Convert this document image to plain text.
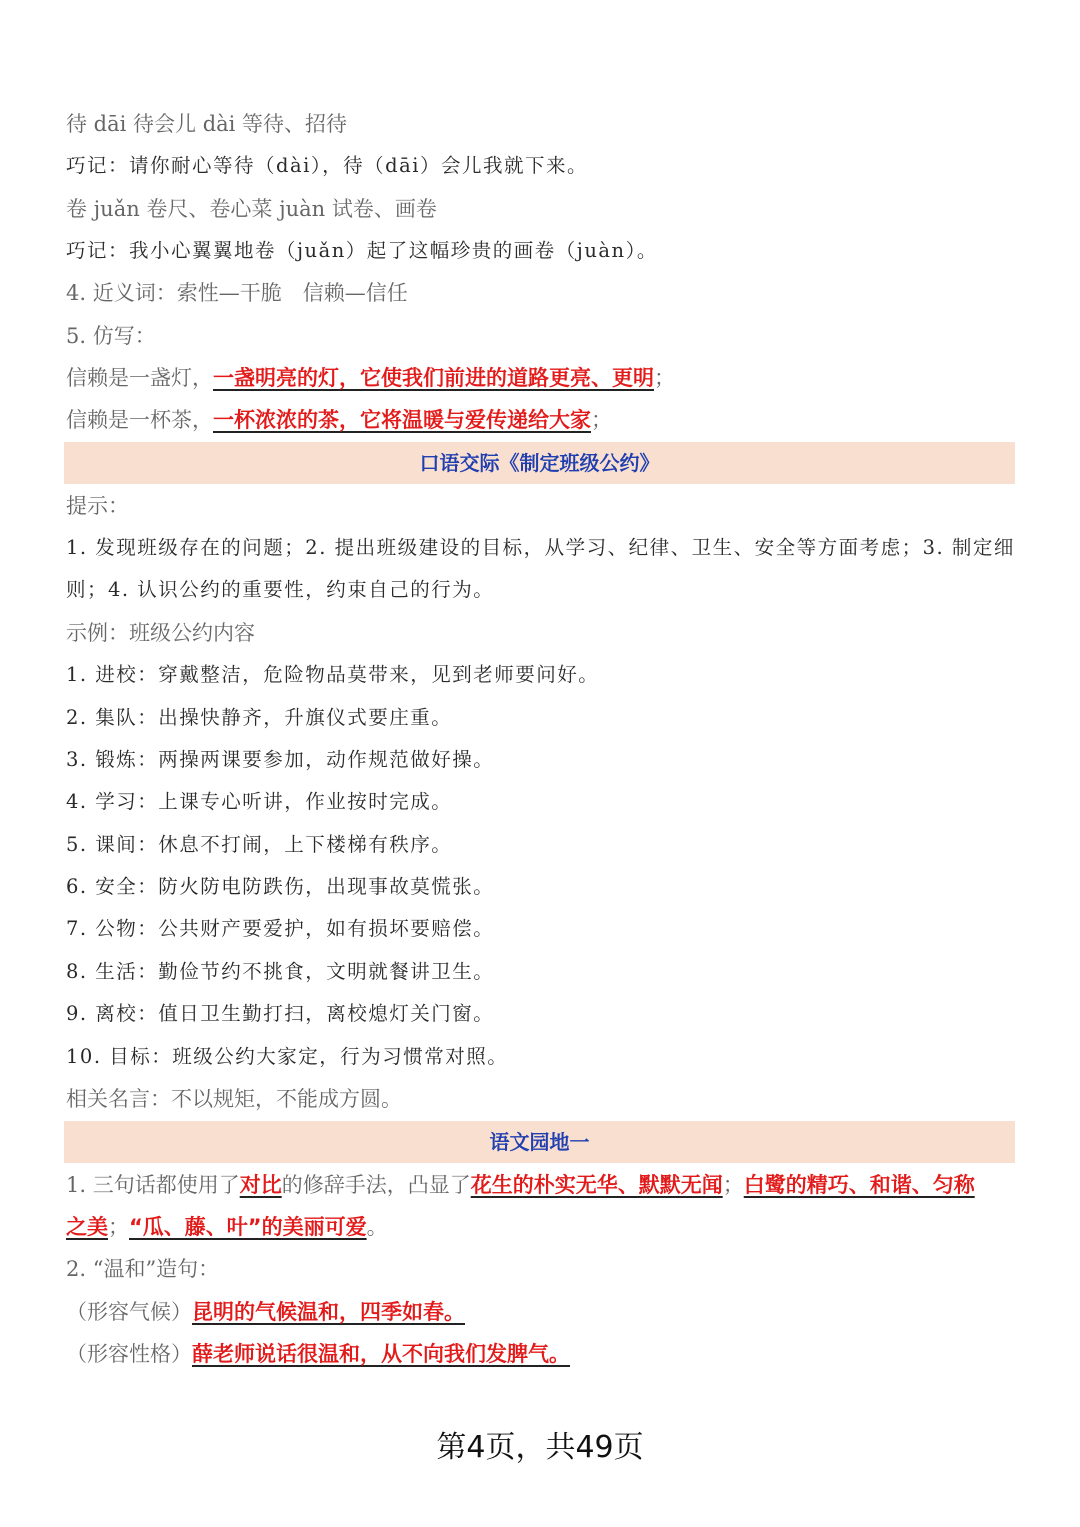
待 dāi 待会儿 dài 等待、招待
巧记：请你耐心等待（dài），待（dāi）会儿我就下来。
卷 juǎn 卷尺、卷心菜 juàn 试卷、画卷
巧记：我小心翼翼地卷（juǎn）起了这幅珍贵的画卷（juàn）。
4. 近义词：索性—干脆　信赖—信任
5. 仿写：
信赖是一盏灯，一盏明亮的灯，它使我们前进的道路更亮、更明；
信赖是一杯茶，一杯浓浓的茶，它将温暖与爱传递给大家；
口语交际《制定班级公约》
提示：
1. 发现班级存在的问题；2. 提出班级建设的目标，从学习、纪律、卫生、安全等方面考虑；3. 制定细
则；4. 认识公约的重要性，约束自己的行为。
示例：班级公约内容
1. 进校：穿戴整洁，危险物品莫带来，见到老师要问好。
2. 集队：出操快静齐，升旗仪式要庄重。
3. 锻炼：两操两课要参加，动作规范做好操。
4. 学习：上课专心听讲，作业按时完成。
5. 课间：休息不打闹，上下楼梯有秩序。
6. 安全：防火防电防跌伤，出现事故莫慌张。
7. 公物：公共财产要爱护，如有损坏要赔偿。
8. 生活：勤俭节约不挑食，文明就餐讲卫生。
9. 离校：值日卫生勤打扫，离校熄灯关门窗。
10. 目标：班级公约大家定，行为习惯常对照。
相关名言：不以规矩，不能成方圆。
语文园地一
1. 三句话都使用了对比的修辞手法，凸显了花生的朴实无华、默默无闻；白鹭的精巧、和谐、匀称
之美；“瓜、藤、叶”的美丽可爱。
2. “温和”造句：
（形容气候）昆明的气候温和，四季如春。
（形容性格）薛老师说话很温和，从不向我们发脾气。
第4页，共49页
